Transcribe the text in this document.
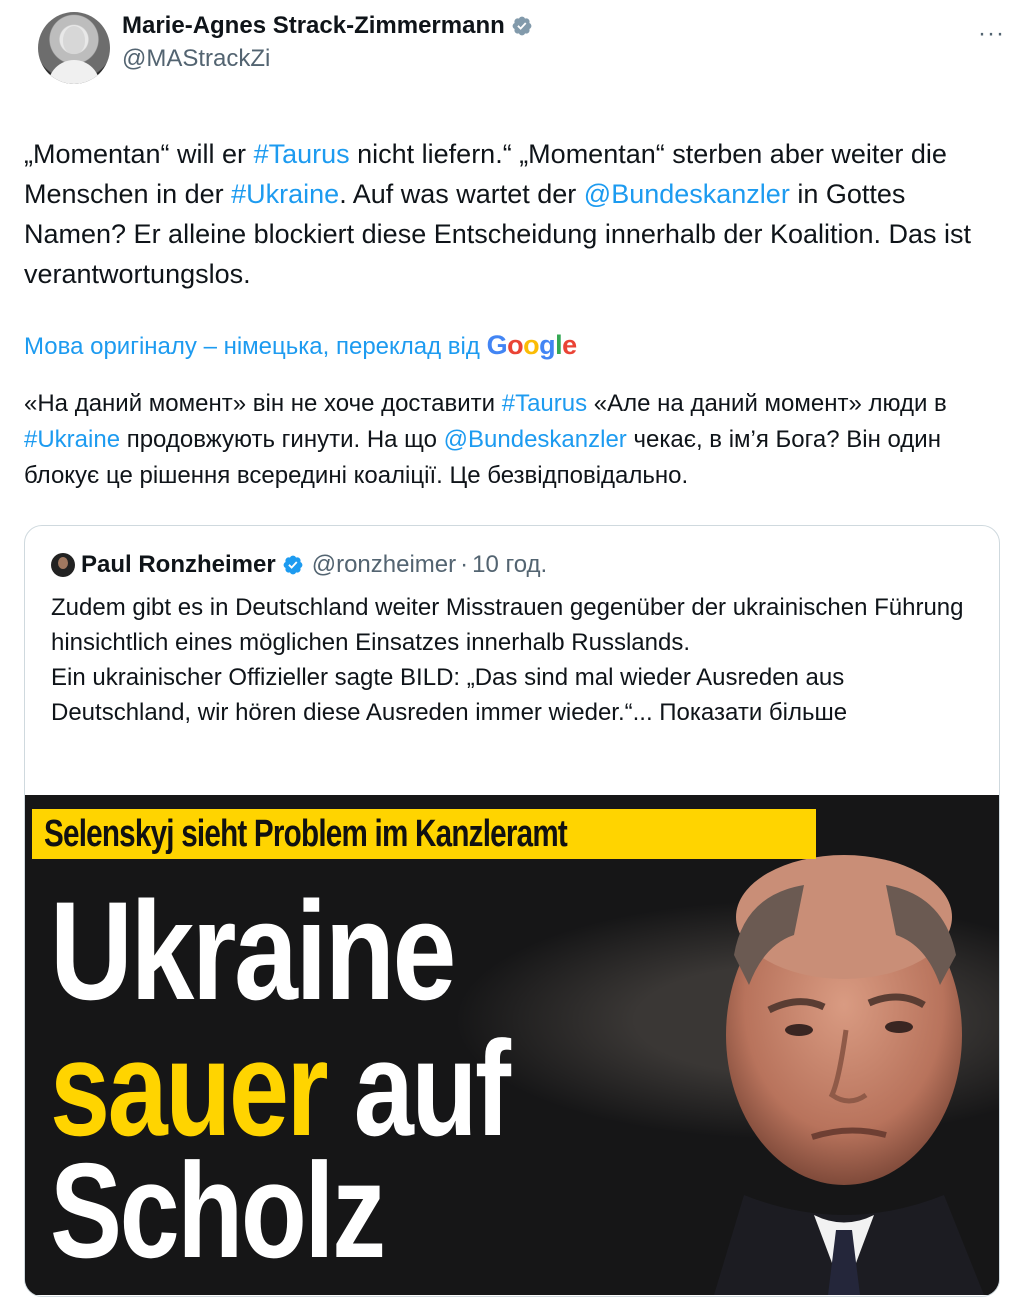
Marie-Agnes Strack-Zimmermann
@MAStrackZi
···
„Momentan“ will er #Taurus nicht liefern.“ „Momentan“ sterben aber weiter die Menschen in der #Ukraine. Auf was wartet der @Bundeskanzler in Gottes Namen? Er alleine blockiert diese Entscheidung innerhalb der Koalition. Das ist verantwortungslos.
Мова оригіналу – німецька, переклад від Google
«На даний момент» він не хоче доставити #Taurus «Але на даний момент» люди в #Ukraine продовжують гинути. На що @Bundeskanzler чекає, в ім’я Бога? Він один блокує це рішення всередині коаліції. Це безвідповідально.
Paul Ronzheimer @ronzheimer · 10 год.
Zudem gibt es in Deutschland weiter Misstrauen gegenüber der ukrainischen Führung hinsichtlich eines möglichen Einsatzes innerhalb Russlands.
Ein ukrainischer Offizieller sagte BILD: „Das sind mal wieder Ausreden aus Deutschland, wir hören diese Ausreden immer wieder.“... Показати більше
Selenskyj sieht Problem im Kanzleramt
Ukraine
sauer auf
Scholz
